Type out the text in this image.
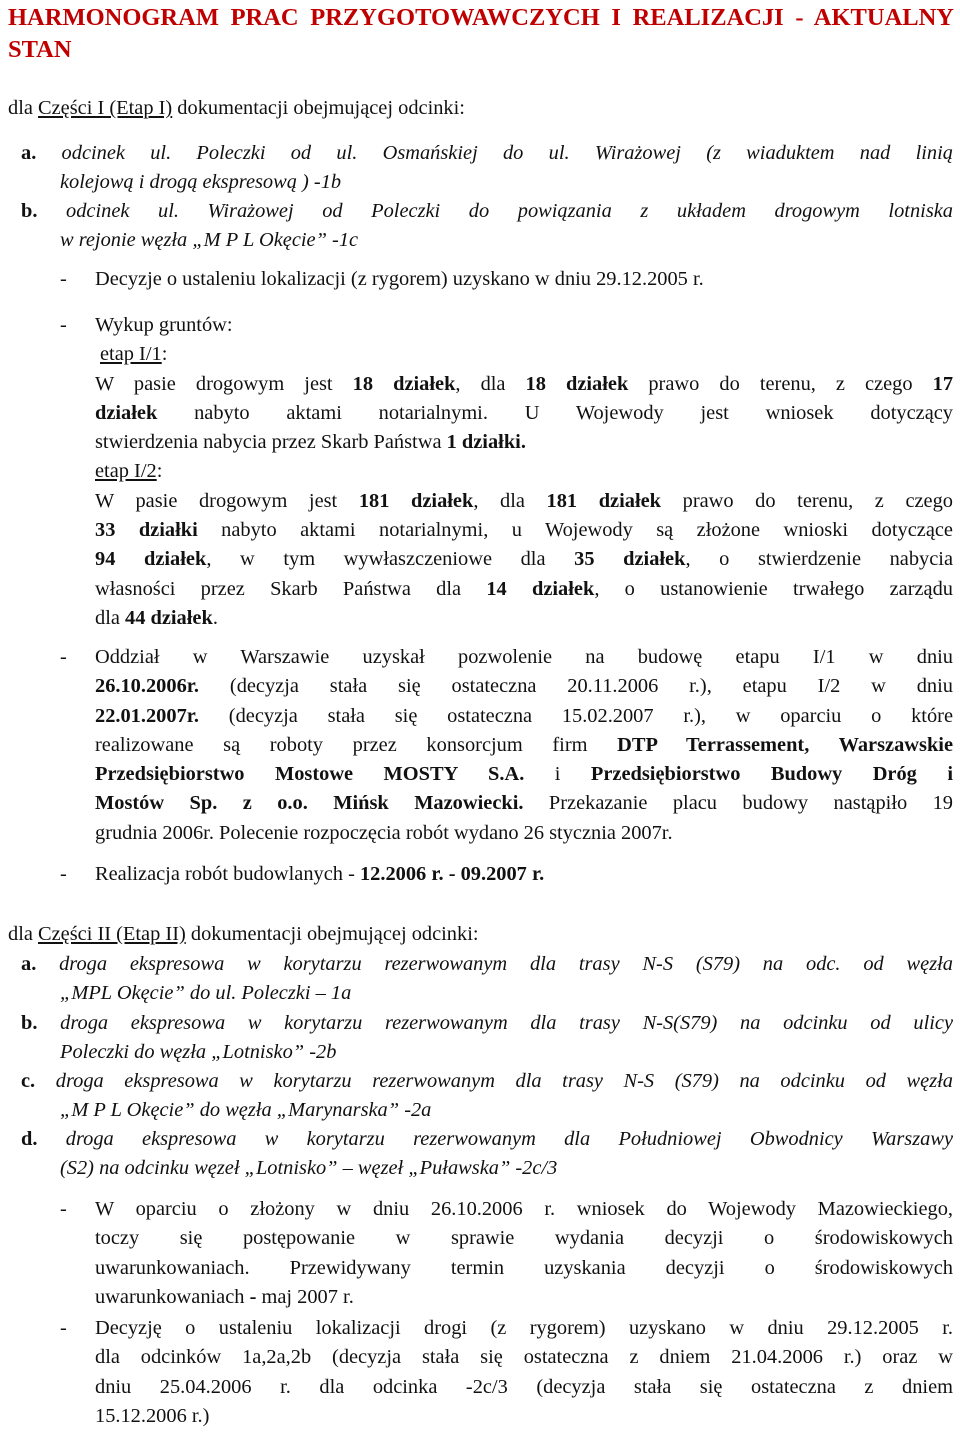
HARMONOGRAM PRAC PRZYGOTOWAWCZYCH I REALIZACJI - AKTUALNY STAN

dla Części I (Etap I) dokumentacji obejmującej odcinki:

a. odcinek ul. Poleczki od ul. Osmańskiej do ul. Wirażowej (z wiaduktem nad linią
kolejową i drogą ekspresową ) -1b
b. odcinek ul. Wirażowej od Poleczki do powiązania z układem drogowym lotniska
w rejonie węzła „M P L Okęcie” -1c
- Decyzje o ustaleniu lokalizacji (z rygorem) uzyskano w dniu 29.12.2005 r.
- Wykup gruntów:
etap I/1:
W pasie drogowym jest 18 działek, dla 18 działek prawo do terenu, z czego 17
działek nabyto aktami notarialnymi. U Wojewody jest wniosek dotyczący
stwierdzenia nabycia przez Skarb Państwa 1 działki.
etap I/2:
W pasie drogowym jest 181 działek, dla 181 działek prawo do terenu, z czego
33 działki nabyto aktami notarialnymi, u Wojewody są złożone wnioski dotyczące
94 działek, w tym wywłaszczeniowe dla 35 działek, o stwierdzenie nabycia
własności przez Skarb Państwa dla 14 działek, o ustanowienie trwałego zarządu
dla 44 działek.
- Oddział w Warszawie uzyskał pozwolenie na budowę etapu I/1 w dniu
26.10.2006r. (decyzja stała się ostateczna 20.11.2006 r.), etapu I/2 w dniu
22.01.2007r. (decyzja stała się ostateczna 15.02.2007 r.), w oparciu o które
realizowane są roboty przez konsorcjum firm DTP Terrassement, Warszawskie
Przedsiębiorstwo Mostowe MOSTY S.A. i Przedsiębiorstwo Budowy Dróg i
Mostów Sp. z o.o. Mińsk Mazowiecki. Przekazanie placu budowy nastąpiło 19
grudnia 2006r. Polecenie rozpoczęcia robót wydano 26 stycznia 2007r.
- Realizacja robót budowlanych - 12.2006 r. - 09.2007 r.

dla Części II (Etap II) dokumentacji obejmującej odcinki:

a. droga ekspresowa w korytarzu rezerwowanym dla trasy N-S (S79) na odc. od węzła
„MPL Okęcie” do ul. Poleczki – 1a
b. droga ekspresowa w korytarzu rezerwowanym dla trasy N-S(S79) na odcinku od ulicy
Poleczki do węzła „Lotnisko” -2b
c. droga ekspresowa w korytarzu rezerwowanym dla trasy N-S (S79) na odcinku od węzła
„M P L Okęcie” do węzła „Marynarska” -2a
d. droga ekspresowa w korytarzu rezerwowanym dla Południowej Obwodnicy Warszawy
(S2) na odcinku węzeł „Lotnisko” – węzeł „Puławska” -2c/3
- W oparciu o złożony w dniu 26.10.2006 r. wniosek do Wojewody Mazowieckiego,
toczy się postępowanie w sprawie wydania decyzji o środowiskowych
uwarunkowaniach. Przewidywany termin uzyskania decyzji o środowiskowych
uwarunkowaniach - maj 2007 r.
- Decyzję o ustaleniu lokalizacji drogi (z rygorem) uzyskano w dniu 29.12.2005 r.
dla odcinków 1a,2a,2b (decyzja stała się ostateczna z dniem 21.04.2006 r.) oraz w
dniu 25.04.2006 r. dla odcinka -2c/3 (decyzja stała się ostateczna z dniem
15.12.2006 r.)
